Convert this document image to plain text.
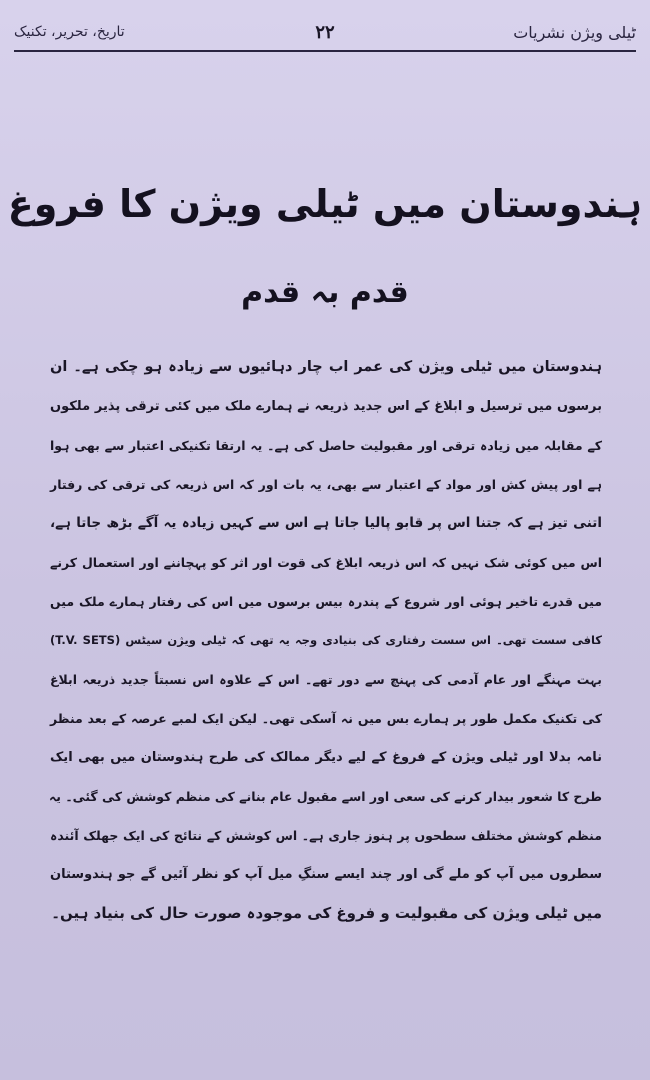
تاریخ، تحریر، تکنیک	۲۲	ٹیلی ویژن نشریات
ہندوستان میں ٹیلی ویژن کا فروغ
قدم بہ قدم
ہندوستان میں ٹیلی ویژن کی عمر اب چار دہائیوں سے زیادہ ہو چکی ہے۔ ان
برسوں میں ترسیل و ابلاغ کے اس جدید ذریعہ نے ہمارے ملک میں کئی ترقی پذیر ملکوں
کے مقابلہ میں زیادہ ترقی اور مقبولیت حاصل کی ہے۔ یہ ارتقا تکنیکی اعتبار سے بھی ہوا
ہے اور پیش کش اور مواد کے اعتبار سے بھی، یہ بات اور کہ اس ذریعہ کی ترقی کی رفتار
اتنی تیز ہے کہ جتنا اس پر قابو پالیا جاتا ہے اس سے کہیں زیادہ یہ آگے بڑھ جاتا ہے،
اس میں کوئی شک نہیں کہ اس ذریعہ ابلاغ کی قوت اور اثر کو پہچاننے اور استعمال کرنے
میں قدرے تاخیر ہوئی اور شروع کے پندرہ بیس برسوں میں اس کی رفتار ہمارے ملک میں
کافی سست تھی۔ اس سست رفتاری کی بنیادی وجہ یہ تھی کہ ٹیلی ویژن سیٹس (T.V. SETS)
بہت مہنگے اور عام آدمی کی پہنچ سے دور تھے۔ اس کے علاوہ اس نسبتاً جدید ذریعہ ابلاغ
کی تکنیک مکمل طور پر ہمارے بس میں نہ آسکی تھی۔ لیکن ایک لمبے عرصہ کے بعد منظر
نامہ بدلا اور ٹیلی ویژن کے فروغ کے لیے دیگر ممالک کی طرح ہندوستان میں بھی ایک
طرح کا شعور بیدار کرنے کی سعی اور اسے مقبول عام بنانے کی منظم کوشش کی گئی۔ یہ
منظم کوشش مختلف سطحوں پر ہنوز جاری ہے۔ اس کوشش کے نتائج کی ایک جھلک آئندہ
سطروں میں آپ کو ملے گی اور چند ایسے سنگِ میل آپ کو نظر آئیں گے جو ہندوستان
میں ٹیلی ویژن کی مقبولیت و فروغ کی موجودہ صورت حال کی بنیاد ہیں۔
